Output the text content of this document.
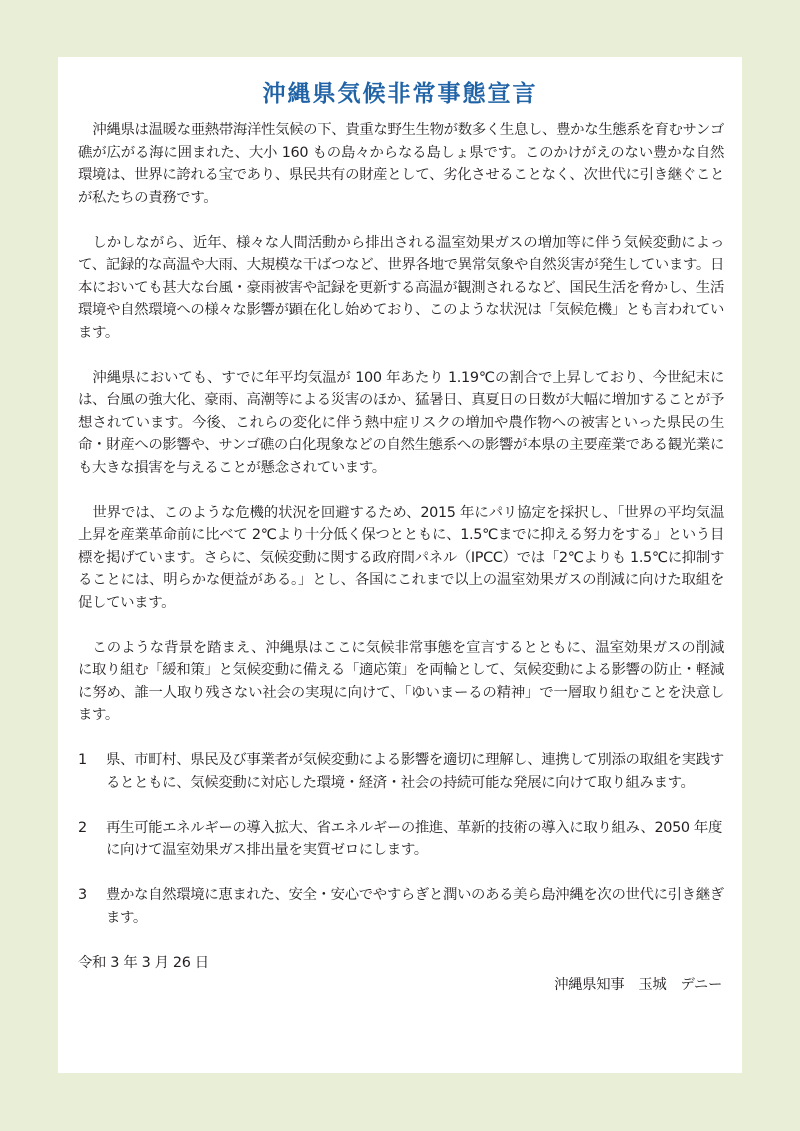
沖縄県気候非常事態宣言

沖縄県は温暖な亜熱帯海洋性気候の下、貴重な野生生物が数多く生息し、豊かな生態系を育むサンゴ礁が広がる海に囲まれた、大小 160 もの島々からなる島しょ県です。このかけがえのない豊かな自然環境は、世界に誇れる宝であり、県民共有の財産として、劣化させることなく、次世代に引き継ぐことが私たちの責務です。

しかしながら、近年、様々な人間活動から排出される温室効果ガスの増加等に伴う気候変動によって、記録的な高温や大雨、大規模な干ばつなど、世界各地で異常気象や自然災害が発生しています。日本においても甚大な台風・豪雨被害や記録を更新する高温が観測されるなど、国民生活を脅かし、生活環境や自然環境への様々な影響が顕在化し始めており、このような状況は「気候危機」とも言われています。

沖縄県においても、すでに年平均気温が 100 年あたり 1.19℃の割合で上昇しており、今世紀末には、台風の強大化、豪雨、高潮等による災害のほか、猛暑日、真夏日の日数が大幅に増加することが予想されています。今後、これらの変化に伴う熱中症リスクの増加や農作物への被害といった県民の生命・財産への影響や、サンゴ礁の白化現象などの自然生態系への影響が本県の主要産業である観光業にも大きな損害を与えることが懸念されています。

世界では、このような危機的状況を回避するため、2015 年にパリ協定を採択し、「世界の平均気温上昇を産業革命前に比べて 2℃より十分低く保つとともに、1.5℃までに抑える努力をする」という目標を掲げています。さらに、気候変動に関する政府間パネル（IPCC）では「2℃よりも 1.5℃に抑制することには、明らかな便益がある。」とし、各国にこれまで以上の温室効果ガスの削減に向けた取組を促しています。

このような背景を踏まえ、沖縄県はここに気候非常事態を宣言するとともに、温室効果ガスの削減に取り組む「緩和策」と気候変動に備える「適応策」を両輪として、気候変動による影響の防止・軽減に努め、誰一人取り残さない社会の実現に向けて、「ゆいまーるの精神」で一層取り組むことを決意します。

1	県、市町村、県民及び事業者が気候変動による影響を適切に理解し、連携して別添の取組を実践するとともに、気候変動に対応した環境・経済・社会の持続可能な発展に向けて取り組みます。
2	再生可能エネルギーの導入拡大、省エネルギーの推進、革新的技術の導入に取り組み、2050 年度に向けて温室効果ガス排出量を実質ゼロにします。
3	豊かな自然環境に恵まれた、安全・安心でやすらぎと潤いのある美ら島沖縄を次の世代に引き継ぎます。
令和 3 年 3 月 26 日
沖縄県知事　玉城　デニー
